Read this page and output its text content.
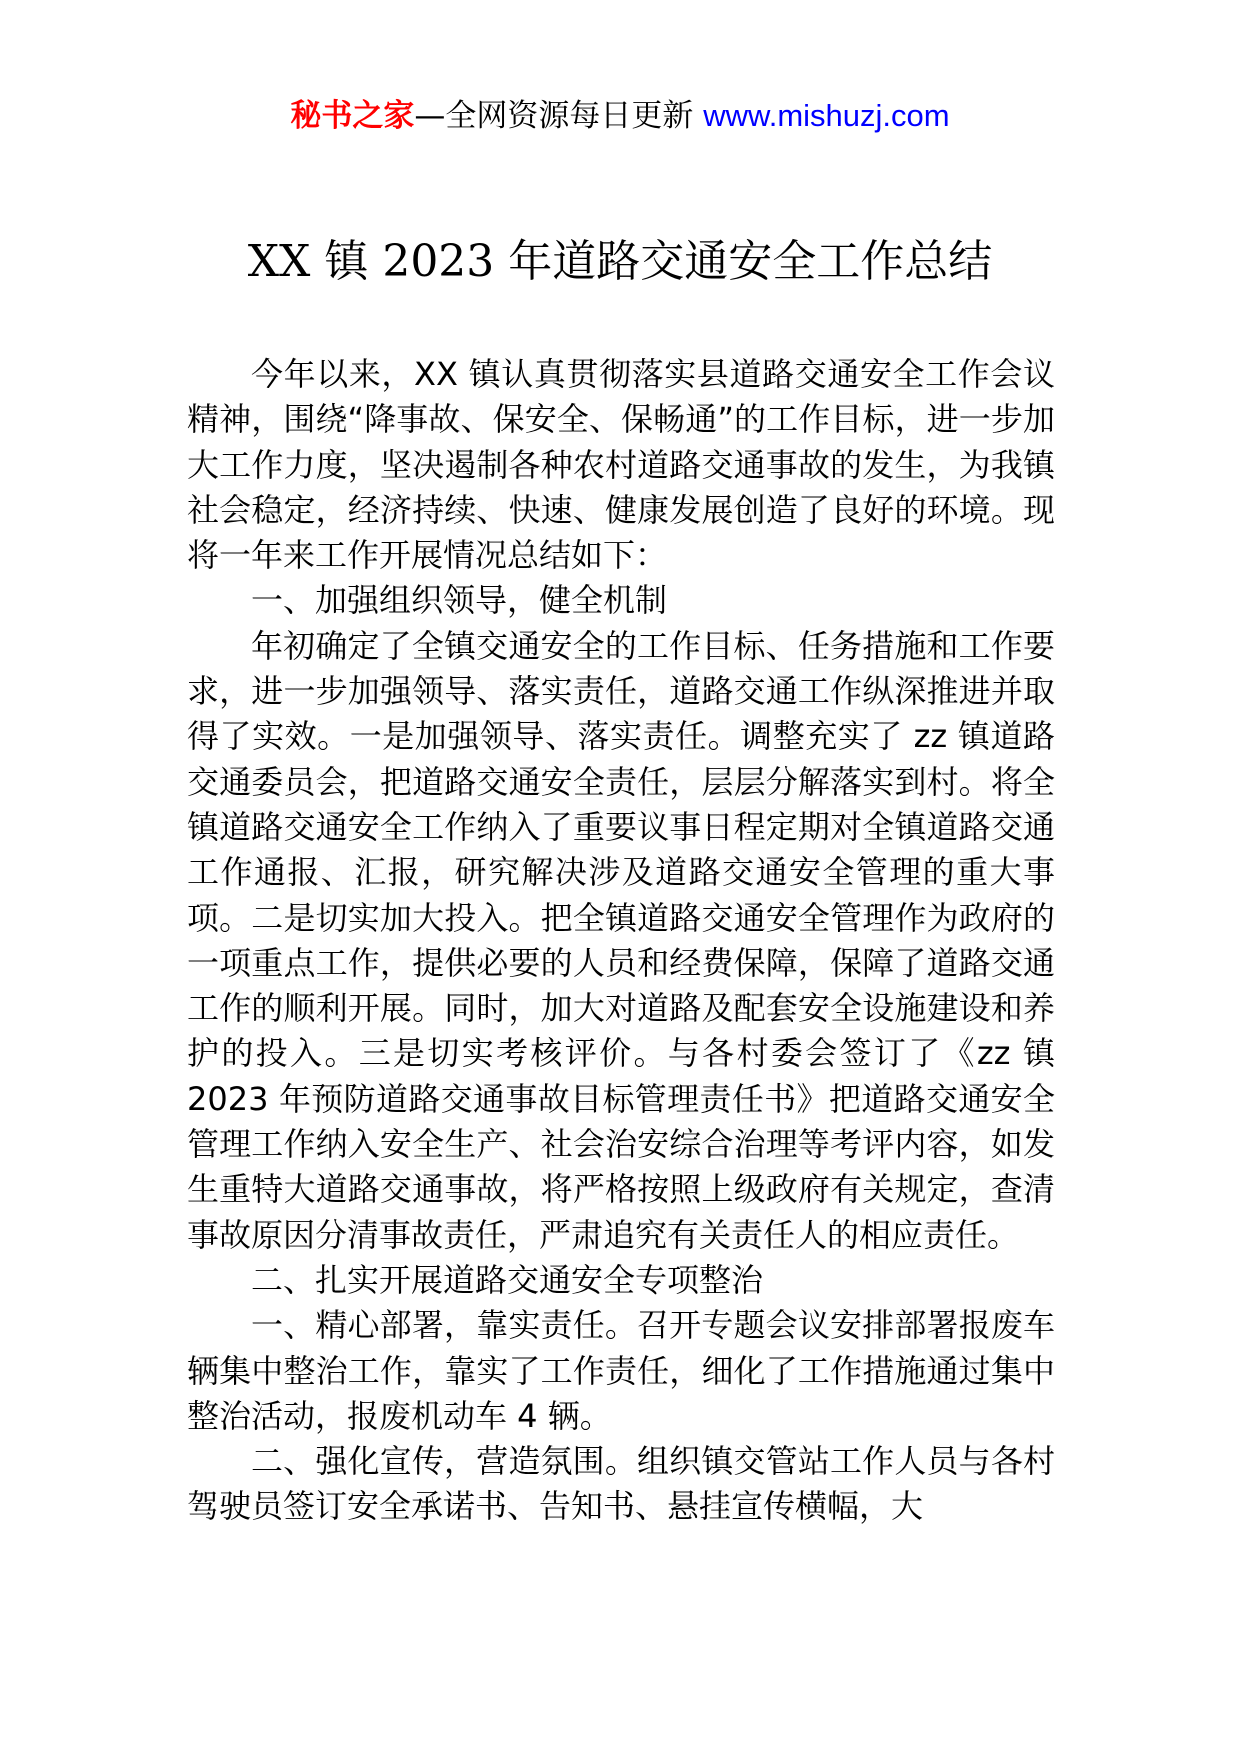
秘书之家—全网资源每日更新 www.mishuzj.com
XX 镇 2023 年道路交通安全工作总结

今年以来，XX 镇认真贯彻落实县道路交通安全工作会议精神，围绕“降事故、保安全、保畅通”的工作目标，进一步加大工作力度，坚决遏制各种农村道路交通事故的发生，为我镇社会稳定，经济持续、快速、健康发展创造了良好的环境。现将一年来工作开展情况总结如下：

一、加强组织领导，健全机制

年初确定了全镇交通安全的工作目标、任务措施和工作要求，进一步加强领导、落实责任，道路交通工作纵深推进并取得了实效。一是加强领导、落实责任。调整充实了 zz 镇道路交通委员会，把道路交通安全责任，层层分解落实到村。将全镇道路交通安全工作纳入了重要议事日程定期对全镇道路交通工作通报、汇报，研究解决涉及道路交通安全管理的重大事项。二是切实加大投入。把全镇道路交通安全管理作为政府的一项重点工作，提供必要的人员和经费保障，保障了道路交通工作的顺利开展。同时，加大对道路及配套安全设施建设和养护的投入。三是切实考核评价。与各村委会签订了《zz 镇 2023 年预防道路交通事故目标管理责任书》把道路交通安全管理工作纳入安全生产、社会治安综合治理等考评内容，如发生重特大道路交通事故，将严格按照上级政府有关规定，查清事故原因分清事故责任，严肃追究有关责任人的相应责任。

二、扎实开展道路交通安全专项整治

一、精心部署，靠实责任。召开专题会议安排部署报废车辆集中整治工作，靠实了工作责任，细化了工作措施通过集中整治活动，报废机动车 4 辆。

二、强化宣传，营造氛围。组织镇交管站工作人员与各村驾驶员签订安全承诺书、告知书、悬挂宣传横幅，大
